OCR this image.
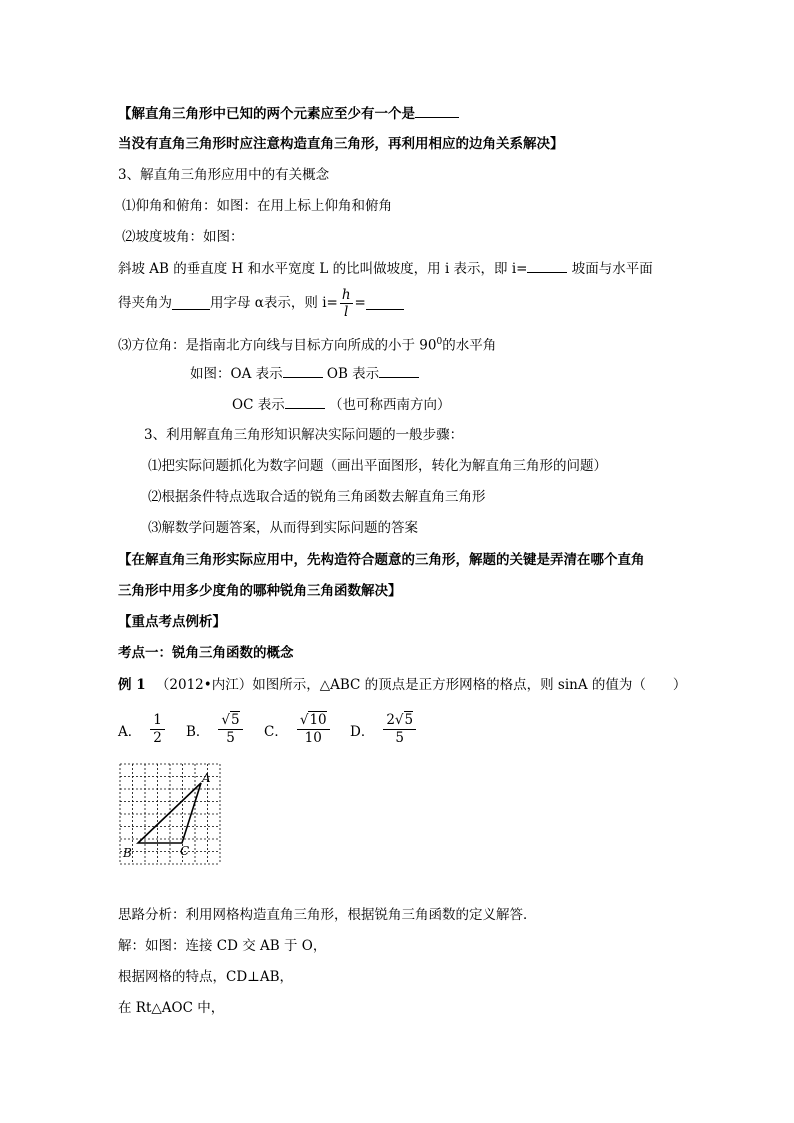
【解直角三角形中已知的两个元素应至少有一个是
当没有直角三角形时应注意构造直角三角形，再利用相应的边角关系解决】
3、解直角三角形应用中的有关概念
⑴仰角和俯角：如图：在用上标上仰角和俯角
⑵坡度坡角：如图：
斜坡 AB 的垂直度 H 和水平宽度 L 的比叫做坡度，用 i 表示，即 i=	坡面与水平面
得夹角为	用字母 α表示，则 $i= \frac{h}{l}$ =
⑶方位角：是指南北方向线与目标方向所成的小于 $90^0$的水平角
如图：OA 表示	OB 表示
OC 表示	（也可称西南方向）
3、利用解直角三角形知识解决实际问题的一般步骤：
⑴把实际问题抓化为数字问题（画出平面图形，转化为解直角三角形的问题）
⑵根据条件特点选取合适的锐角三角函数去解直角三角形
⑶解数学问题答案，从而得到实际问题的答案
【在解直角三角形实际应用中，先构造符合题意的三角形，解题的关键是弄清在哪个直角
三角形中用多少度角的哪种锐角三角函数解决】
【重点考点例析】
考点一：锐角三角函数的概念
例 1 （2012•内江）如图所示，△ABC 的顶点是正方形网格的格点，则 sinA 的值为（　　）
A． $\frac{1}{2}$ B． $\frac{√5}{5}$ C． $\frac{√10}{10}$ D． $\frac{2√5}{5}$
A
B	C
思路分析：利用网格构造直角三角形，根据锐角三角函数的定义解答．
解：如图：连接 CD 交 AB 于 O，
根据网格的特点，CD⊥AB，
在 Rt△AOC 中，
